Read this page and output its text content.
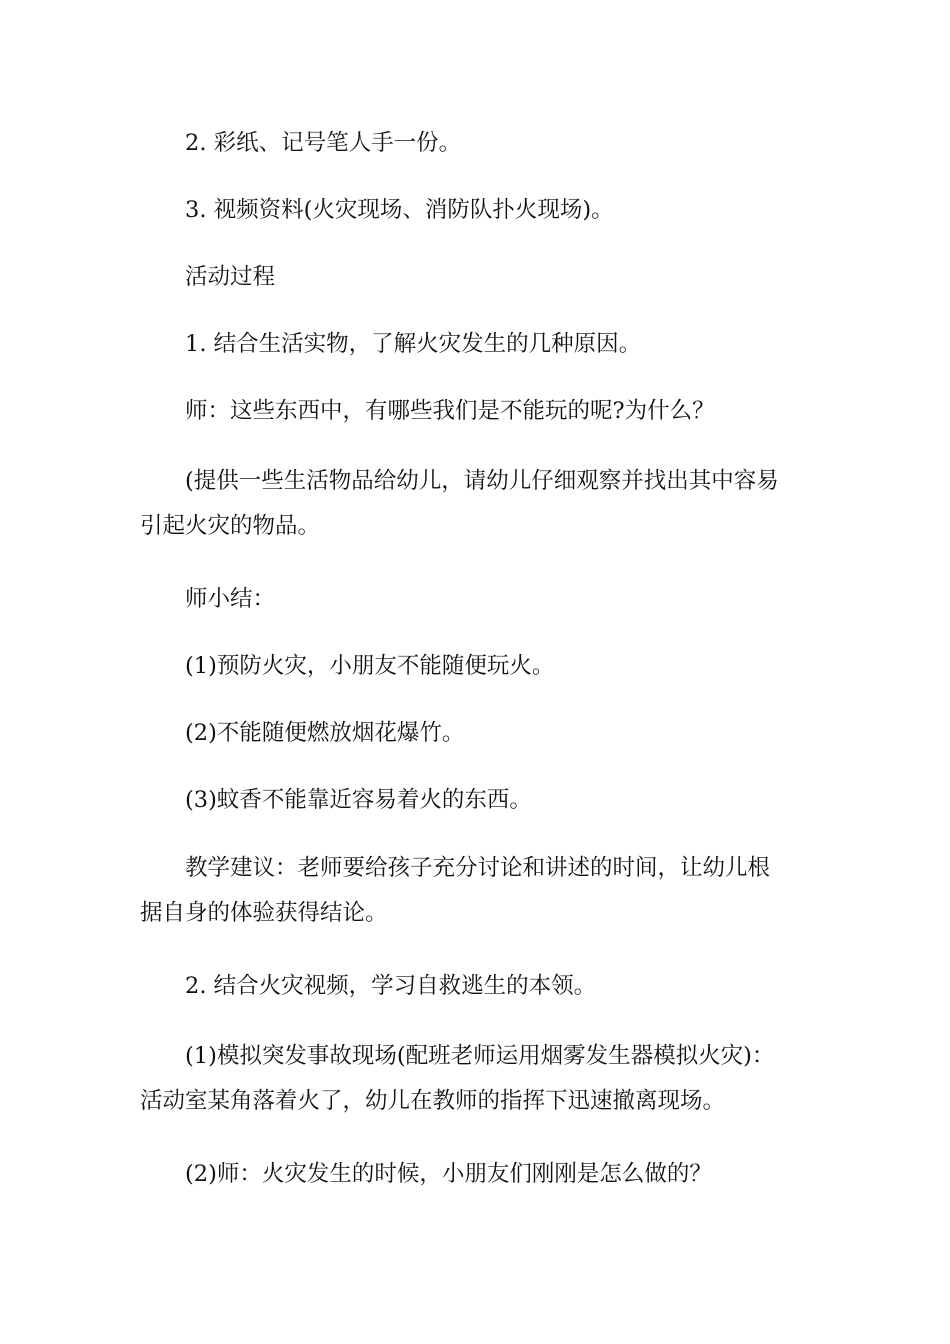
2. 彩纸、记号笔人手一份。

3. 视频资料(火灾现场、消防队扑火现场)。

活动过程

1. 结合生活实物，了解火灾发生的几种原因。

师：这些东西中，有哪些我们是不能玩的呢?为什么？

(提供一些生活物品给幼儿，请幼儿仔细观察并找出其中容易
引起火灾的物品。

师小结：

(1)预防火灾，小朋友不能随便玩火。

(2)不能随便燃放烟花爆竹。

(3)蚊香不能靠近容易着火的东西。

教学建议：老师要给孩子充分讨论和讲述的时间，让幼儿根
据自身的体验获得结论。

2. 结合火灾视频，学习自救逃生的本领。

(1)模拟突发事故现场(配班老师运用烟雾发生器模拟火灾)：
活动室某角落着火了，幼儿在教师的指挥下迅速撤离现场。

(2)师：火灾发生的时候，小朋友们刚刚是怎么做的？
